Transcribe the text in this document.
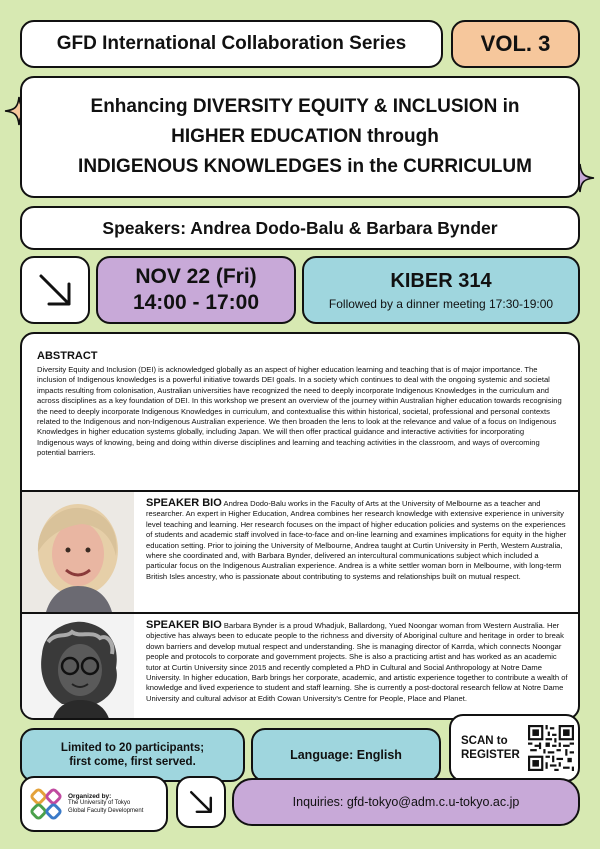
GFD International Collaboration Series	VOL. 3
Enhancing DIVERSITY EQUITY & INCLUSION in
HIGHER EDUCATION through
INDIGENOUS KNOWLEDGES in the CURRICULUM
Speakers: Andrea Dodo-Balu & Barbara Bynder
NOV 22 (Fri)
14:00 - 17:00
KIBER 314
Followed by a dinner meeting 17:30-19:00
ABSTRACT

Diversity Equity and Inclusion (DEI) is acknowledged globally as an aspect of higher education learning and teaching that is of major importance. The inclusion of Indigenous knowledges is a powerful initiative towards DEI goals. In a society which continues to deal with the ongoing systemic and societal impacts resulting from colonisation, Australian universities have recognized the need to deeply incorporate Indigenous Knowledges in the curriculum and across disciplines as a key foundation of DEI. In this workshop we present an overview of the journey within Australian higher education towards recognising the need to deeply incorporate Indigenous Knowledges in curriculum, and contextualise this within historical, societal, professional and personal contexts related to the Indigenous and non-Indigenous Australian experience. We then broaden the lens to look at the relevance and value of a focus on Indigenous Knowledges in higher education systems globally, including Japan. We will then offer practical guidance and interactive activities for incorporating Indigenous ways of knowing, being and doing within diverse disciplines and learning and teaching activities in the classroom, and ways of overcoming potential barriers.

SPEAKER BIO Andrea Dodo-Balu works in the Faculty of Arts at the University of Melbourne as a teacher and researcher. An expert in Higher Education, Andrea combines her research knowledge with extensive experience in university level teaching and learning. Her research focuses on the impact of higher education policies and systems on the experiences of students and academic staff involved in face-to-face and on-line learning and examines implications for equity in the higher education setting. Prior to joining the University of Melbourne, Andrea taught at Curtin University in Perth, Western Australia, where she coordinated and, with Barbara Bynder, delivered an intercultural communications subject which included a particular focus on the Indigenous Australian experience. Andrea is a white settler woman born in Melbourne, with long-term British Isles ancestry, who is passionate about contributing to systems and relationships built on mutual respect.
SPEAKER BIO Barbara Bynder is a proud Whadjuk, Ballardong, Yued Noongar woman from Western Australia. Her objective has always been to educate people to the richness and diversity of Aboriginal culture and heritage in order to break down barriers and develop mutual respect and understanding. She is managing director of Karrda, which connects Noongar people and protocols to corporate and government projects. She is also a practicing artist and has worked as an academic tutor at Curtin University since 2015 and recently completed a PhD in Cultural and Social Anthropology at Notre Dame University. In higher education, Barb brings her corporate, academic, and artistic experience together to contribute a wealth of knowledge and lived experience to student and staff learning. She is currently a post-doctoral research fellow at Notre Dame University and cultural advisor at Edith Cowan University's Centre for People, Place and Planet.
Limited to 20 participants;
first come, first served.	Language: English
SCAN to
REGISTER
Organized by:
The University of Tokyo
Global Faculty Development
Inquiries: gfd-tokyo@adm.c.u-tokyo.ac.jp
